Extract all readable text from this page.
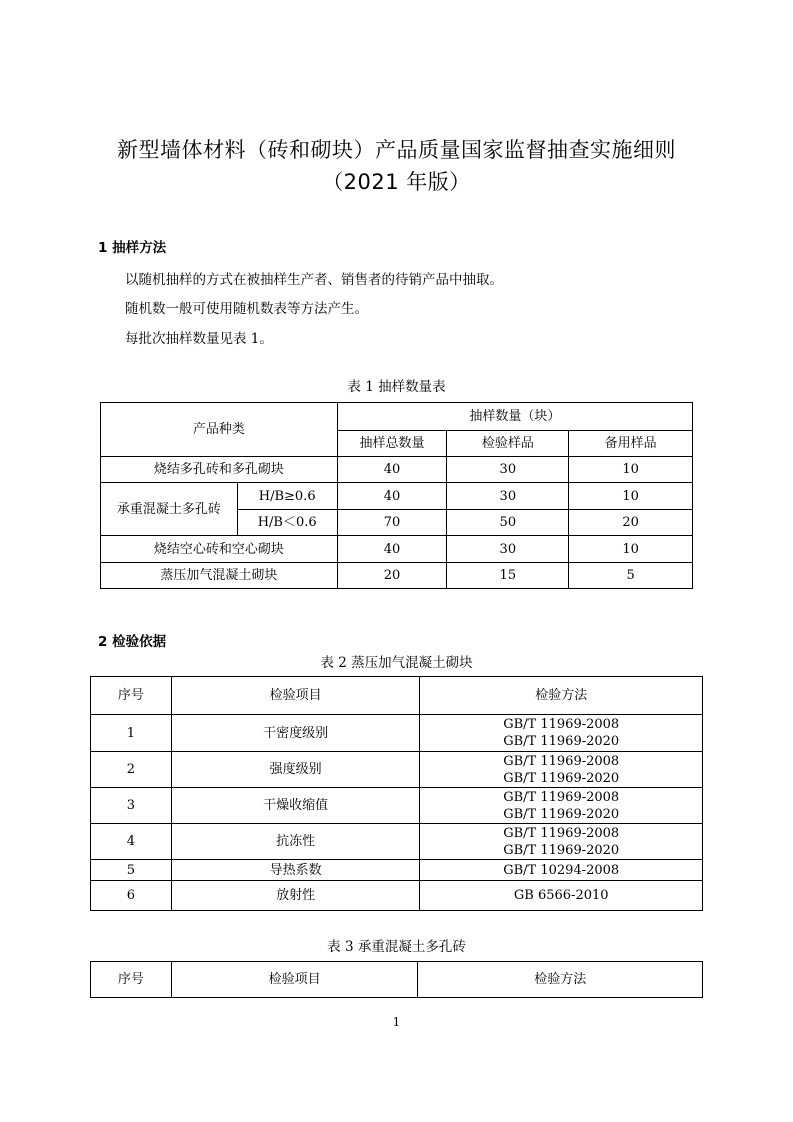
新型墙体材料（砖和砌块）产品质量国家监督抽查实施细则
（2021 年版）
1 抽样方法
以随机抽样的方式在被抽样生产者、销售者的待销产品中抽取。
随机数一般可使用随机数表等方法产生。
每批次抽样数量见表 1。
表 1 抽样数量表
产品种类		抽样数量（块）		
		抽样总数量	检验样品	备用样品
烧结多孔砖和多孔砌块		40	30	10
承重混凝土多孔砖	H/B≥0.6	40	30	10
	H/B＜0.6	70	50	20
烧结空心砖和空心砌块		40	30	10
蒸压加气混凝土砌块		20	15	5
2 检验依据
表 2 蒸压加气混凝土砌块
序号	检验项目	检验方法
1	干密度级别	GB/T 11969-2008
GB/T 11969-2020

2	强度级别	GB/T 11969-2008
GB/T 11969-2020

3	干燥收缩值	GB/T 11969-2008
GB/T 11969-2020

4	抗冻性	GB/T 11969-2008
GB/T 11969-2020

5	导热系数	GB/T 10294-2008
6	放射性	GB 6566-2010
表 3 承重混凝土多孔砖
序号	检验项目	检验方法
1
